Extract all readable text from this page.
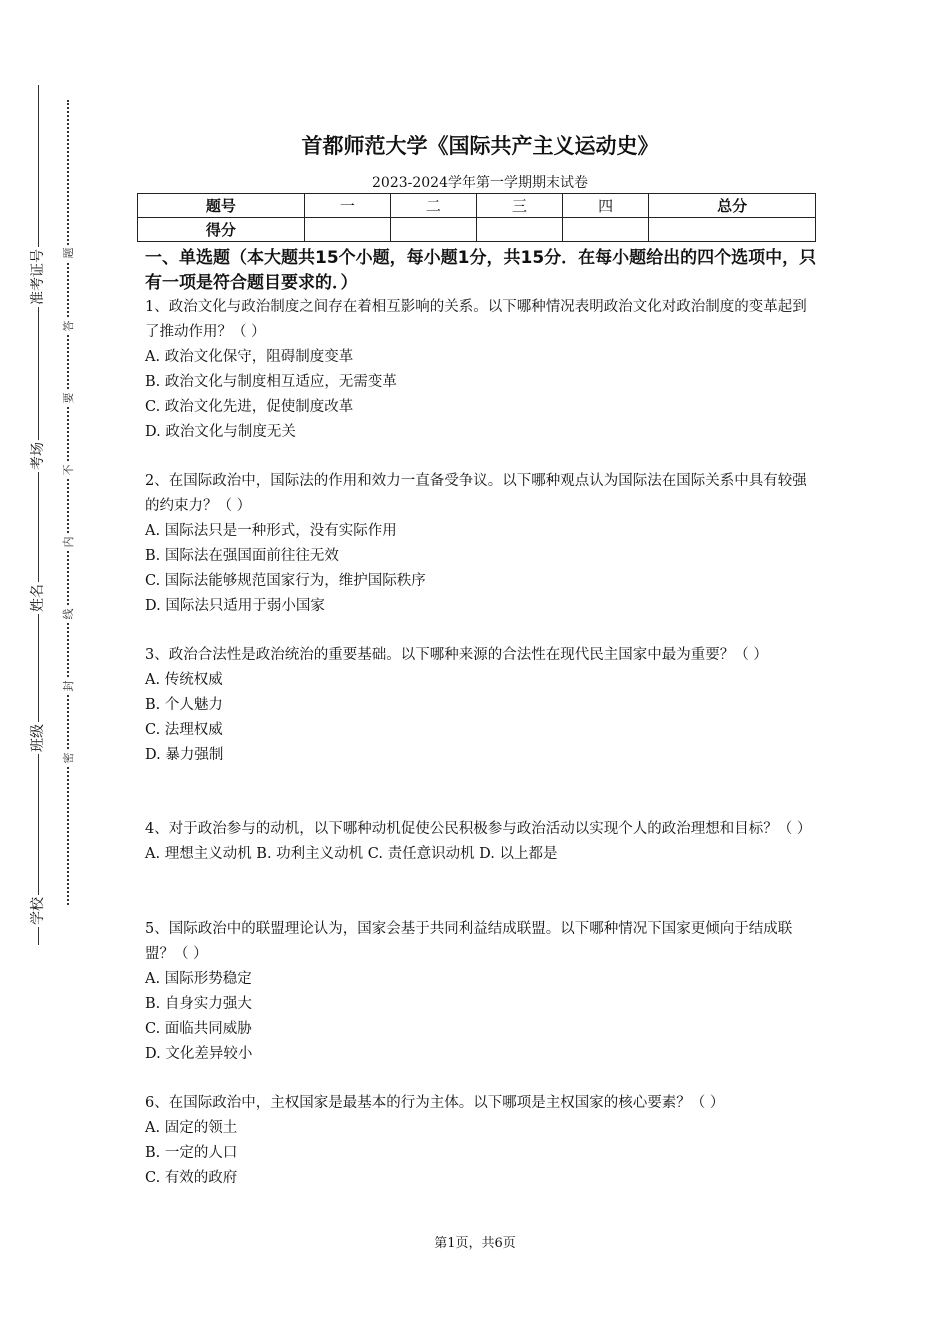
准考证号
考场
姓名
班级
学校
题
答
要
不
内
线
封
密
首都师范大学《国际共产主义运动史》
2023-2024学年第一学期期末试卷
题号	一	二	三	四	总分
得分					
一、单选题（本大题共15个小题，每小题1分，共15分．在每小题给出的四个选项中，只有一项是符合题目要求的．）

1、政治文化与政治制度之间存在着相互影响的关系。以下哪种情况表明政治文化对政治制度的变革起到了推动作用？（ ）

A. 政治文化保守，阻碍制度变革

B. 政治文化与制度相互适应，无需变革

C. 政治文化先进，促使制度改革

D. 政治文化与制度无关

2、在国际政治中，国际法的作用和效力一直备受争议。以下哪种观点认为国际法在国际关系中具有较强的约束力？（ ）

A. 国际法只是一种形式，没有实际作用

B. 国际法在强国面前往往无效

C. 国际法能够规范国家行为，维护国际秩序

D. 国际法只适用于弱小国家

3、政治合法性是政治统治的重要基础。以下哪种来源的合法性在现代民主国家中最为重要？（ ）

A. 传统权威

B. 个人魅力

C. 法理权威

D. 暴力强制

4、对于政治参与的动机，以下哪种动机促使公民积极参与政治活动以实现个人的政治理想和目标？（ ）

A. 理想主义动机 B. 功利主义动机 C. 责任意识动机 D. 以上都是

5、国际政治中的联盟理论认为，国家会基于共同利益结成联盟。以下哪种情况下国家更倾向于结成联盟？（ ）

A. 国际形势稳定

B. 自身实力强大

C. 面临共同威胁

D. 文化差异较小

6、在国际政治中，主权国家是最基本的行为主体。以下哪项是主权国家的核心要素？（ ）

A. 固定的领土

B. 一定的人口

C. 有效的政府

第1页，共6页
